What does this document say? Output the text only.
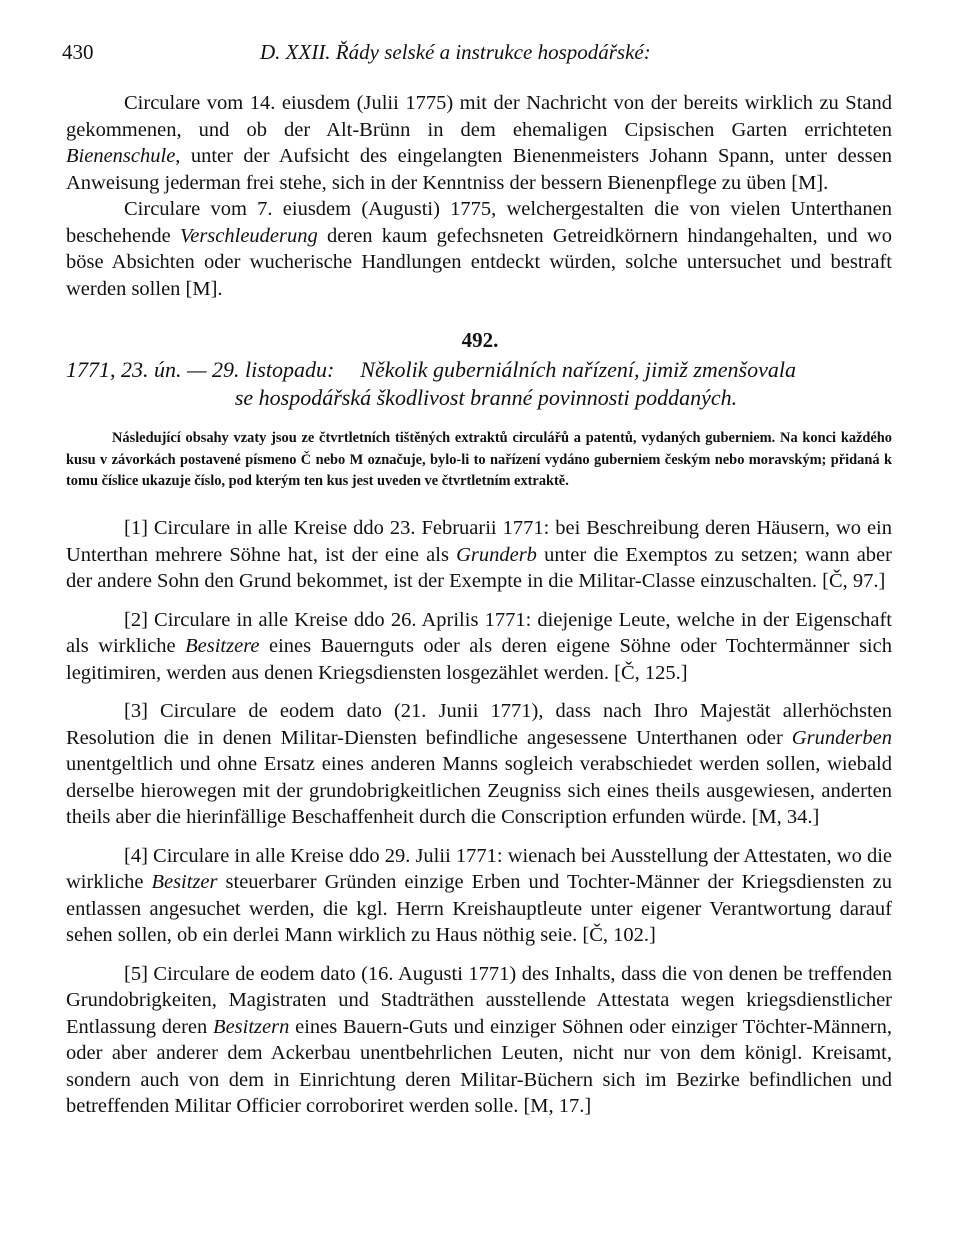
430	D. XXII. Řády selské a instrukce hospodářské:

Circulare vom 14. eiusdem (Julii 1775) mit der Nachricht von der bereits wirklich zu Stand gekommenen, und ob der Alt-Brünn in dem ehemaligen Cipsischen Garten errichteten Bienenschule, unter der Aufsicht des eingelangten Bienenmeisters Johann Spann, unter dessen Anweisung jederman frei stehe, sich in der Kenntniss der bessern Bienenpflege zu üben [M].

Circulare vom 7. eiusdem (Augusti) 1775, welchergestalten die von vielen Unterthanen beschehende Verschleuderung deren kaum gefechsneten Getreidkörnern hindangehalten, und wo böse Absichten oder wucherische Handlungen entdeckt würden, solche untersuchet und bestraft werden sollen [M].

492.
1771, 23. ún. — 29. listopadu: Několik guberniálních nařízení, jimiž zmenšovala
se hospodářská škodlivost branné povinnosti poddaných.
Následující obsahy vzaty jsou ze čtvrtletních tištěných extraktů circulářů a patentů, vydaných guberniem. Na konci každého kusu v závorkách postavené písmeno Č nebo M označuje, bylo-li to nařízení vydáno guberniem českým nebo moravským; přidaná k tomu číslice ukazuje číslo, pod kterým ten kus jest uveden ve čtvrtletním extraktě.

[1] Circulare in alle Kreise ddo 23. Februarii 1771: bei Beschreibung deren Häusern, wo ein Unterthan mehrere Söhne hat, ist der eine als Grunderb unter die Exemptos zu setzen; wann aber der andere Sohn den Grund bekommet, ist der Exempte in die Militar-Classe einzuschalten. [Č, 97.]

[2] Circulare in alle Kreise ddo 26. Aprilis 1771: diejenige Leute, welche in der Eigenschaft als wirkliche Besitzere eines Bauernguts oder als deren eigene Söhne oder Tochtermänner sich legitimiren, werden aus denen Kriegsdiensten losgezählet werden. [Č, 125.]

[3] Circulare de eodem dato (21. Junii 1771), dass nach Ihro Majestät allerhöchsten Resolution die in denen Militar-Diensten befindliche angesessene Unterthanen oder Grunderben unentgeltlich und ohne Ersatz eines anderen Manns sogleich verabschiedet werden sollen, wiebald derselbe hierowegen mit der grundobrigkeitlichen Zeugniss sich eines theils ausgewiesen, anderten theils aber die hierinfällige Beschaffenheit durch die Conscription erfunden würde. [M, 34.]

[4] Circulare in alle Kreise ddo 29. Julii 1771: wienach bei Ausstellung der Attestaten, wo die wirkliche Besitzer steuerbarer Gründen einzige Erben und Tochter-Männer der Kriegsdiensten zu entlassen angesuchet werden, die kgl. Herrn Kreishauptleute unter eigener Verantwortung darauf sehen sollen, ob ein derlei Mann wirklich zu Haus nöthig seie. [Č, 102.]

[5] Circulare de eodem dato (16. Augusti 1771) des Inhalts, dass die von denen be treffenden Grundobrigkeiten, Magistraten und Stadträthen ausstellende Attestata wegen kriegsdienstlicher Entlassung deren Besitzern eines Bauern-Guts und einziger Söhnen oder einziger Töchter-Männern, oder aber anderer dem Ackerbau unentbehrlichen Leuten, nicht nur von dem königl. Kreisamt, sondern auch von dem in Einrichtung deren Militar-Büchern sich im Bezirke befindlichen und betreffenden Militar Officier corroboriret werden solle. [M, 17.]
